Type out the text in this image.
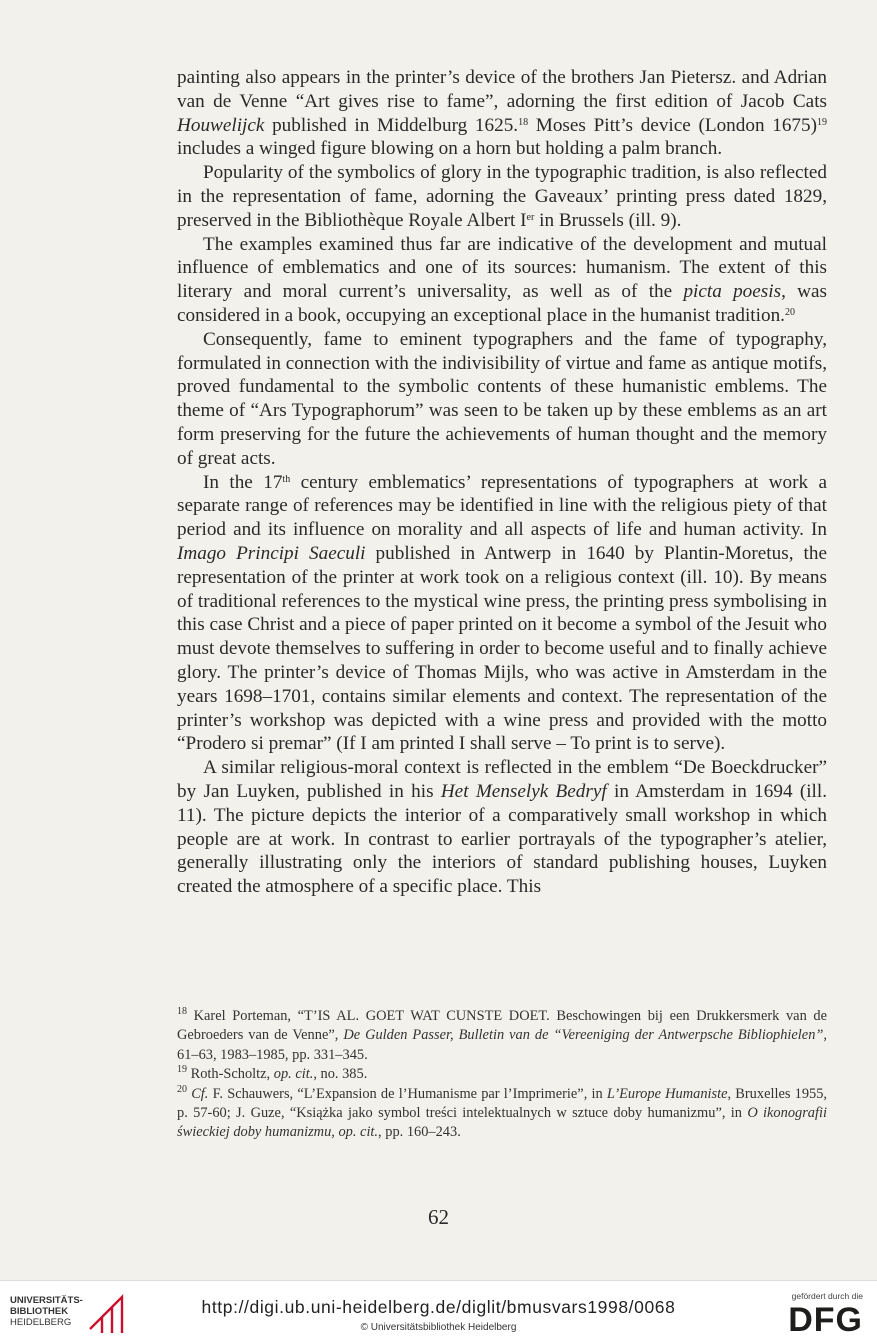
painting also appears in the printer’s device of the brothers Jan Pietersz. and Adrian van de Venne “Art gives rise to fame”, adorning the first edition of Jacob Cats Houwelijck published in Middelburg 1625.18 Moses Pitt’s device (London 1675)$^{19}$ includes a winged figure blowing on a horn but holding a palm branch.

Popularity of the symbolics of glory in the typographic tradition, is also reflected in the representation of fame, adorning the Gaveaux’ printing press dated 1829, preserved in the Bibliothèque Royale Albert Ier in Brussels (ill. 9).

The examples examined thus far are indicative of the development and mutual influence of emblematics and one of its sources: humanism. The extent of this literary and moral current’s universality, as well as of the picta poesis, was considered in a book, occupying an exceptional place in the humanist tradition.$^{20}$

Consequently, fame to eminent typographers and the fame of typography, formulated in connection with the indivisibility of virtue and fame as antique motifs, proved fundamental to the symbolic contents of these humanistic emblems. The theme of “Ars Typographorum” was seen to be taken up by these emblems as an art form preserving for the future the achievements of human thought and the memory of great acts.

In the 17th century emblematics’ representations of typographers at work a separate range of references may be identified in line with the religious piety of that period and its influence on morality and all aspects of life and human activity. In Imago Principi Saeculi published in Antwerp in 1640 by Plantin-Moretus, the representation of the printer at work took on a religious context (ill. 10). By means of traditional references to the mystical wine press, the printing press symbolising in this case Christ and a piece of paper printed on it become a symbol of the Jesuit who must devote themselves to suffering in order to become useful and to finally achieve glory. The printer’s device of Thomas Mijls, who was active in Amsterdam in the years 1698–1701, contains similar elements and context. The representation of the printer’s workshop was depicted with a wine press and provided with the motto “Prodero si premar” (If I am printed I shall serve – To print is to serve).

A similar religious-moral context is reflected in the emblem “De Boeckdrucker” by Jan Luyken, published in his Het Menselyk Bedryf in Amsterdam in 1694 (ill. 11). The picture depicts the interior of a comparatively small workshop in which people are at work. In contrast to earlier portrayals of the typographer’s atelier, generally illustrating only the interiors of standard publishing houses, Luyken created the atmosphere of a specific place. This

$^{18}$ Karel Porteman, “T’IS AL. GOET WAT CUNSTE DOET. Beschowingen bij een Drukkersmerk van de Gebroeders van de Venne”, De Gulden Passer, Bulletin van de “Vereeniging der Antwerpsche Bibliophielen”, 61–63, 1983–1985, pp. 331–345.

$^{19}$ Roth-Scholtz, op. cit., no. 385.

$^{20}$ Cf. F. Schauwers, “L’Expansion de l’Humanisme par l’Imprimerie”, in L’Europe Humaniste, Bruxelles 1955, p. 57-60; J. Guze, “Książka jako symbol treści intelektualnych w sztuce doby humanizmu”, in O ikonografii świeckiej doby humanizmu, op. cit., pp. 160–243.

62
UNIVERSITÄTS-
BIBLIOTHEK
HEIDELBERG
http://digi.ub.uni-heidelberg.de/diglit/bmusvars1998/0068
© Universitätsbibliothek Heidelberg
gefördert durch die
DFG
